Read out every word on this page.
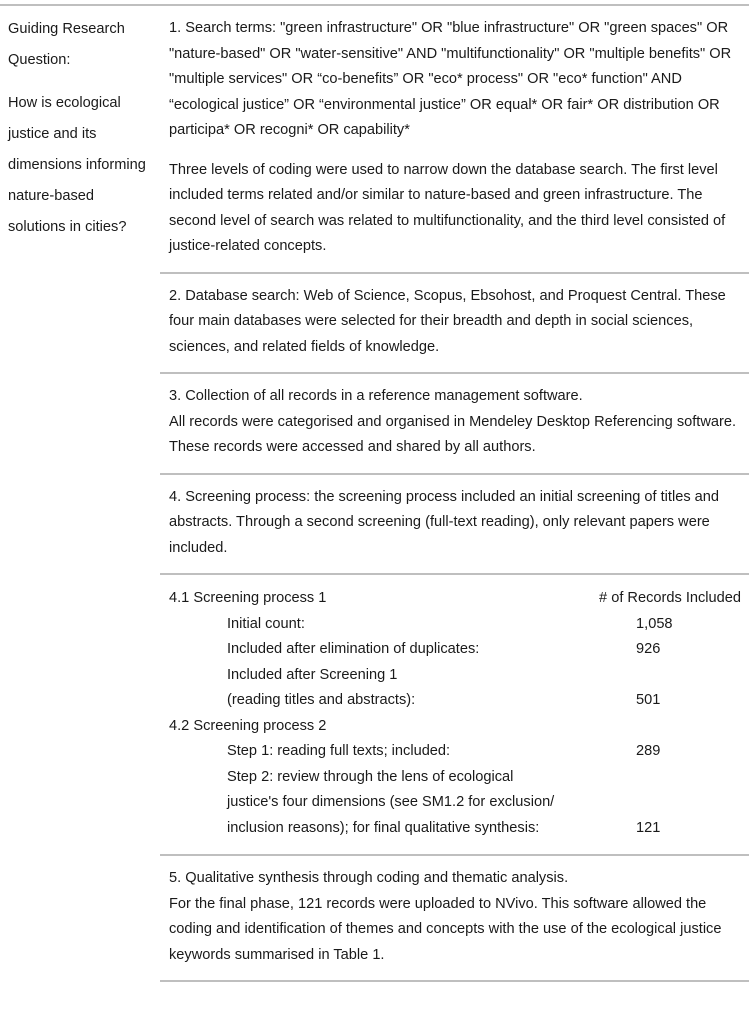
Guiding Research
Question:

How is ecological justice and its dimensions informing nature-based solutions in cities?

1. Search terms: "green infrastructure" OR "blue infrastructure" OR "green spaces" OR "nature-based" OR "water-sensitive" AND "multifunctionality" OR "multiple benefits" OR "multiple services" OR “co-benefits” OR "eco* process" OR "eco* function" AND “ecological justice” OR “environmental justice” OR equal* OR fair* OR distribution OR participa* OR recogni* OR capability*

Three levels of coding were used to narrow down the database search. The first level included terms related and/or similar to nature-based and green infrastructure. The second level of search was related to multifunctionality, and the third level consisted of justice-related concepts.

2. Database search: Web of Science, Scopus, Ebsohost, and Proquest Central. These four main databases were selected for their breadth and depth in social sciences, sciences, and related fields of knowledge.

3. Collection of all records in a reference management software.

All records were categorised and organised in Mendeley Desktop Referencing software. These records were accessed and shared by all authors.

4. Screening process: the screening process included an initial screening of titles and abstracts. Through a second screening (full-text reading), only relevant papers were included.

4.1 Screening process 1	# of Records Included
Initial count:	1,058
Included after elimination of duplicates:	926
Included after Screening 1	
(reading titles and abstracts):	501
4.2 Screening process 2	
Step 1: reading full texts; included:	289
Step 2: review through the lens of ecological	
justice's four dimensions (see SM1.2 for exclusion/	
inclusion reasons); for final qualitative synthesis:	121

5. Qualitative synthesis through coding and thematic analysis.

For the final phase, 121 records were uploaded to NVivo. This software allowed the coding and identification of themes and concepts with the use of the ecological justice keywords summarised in Table 1.
